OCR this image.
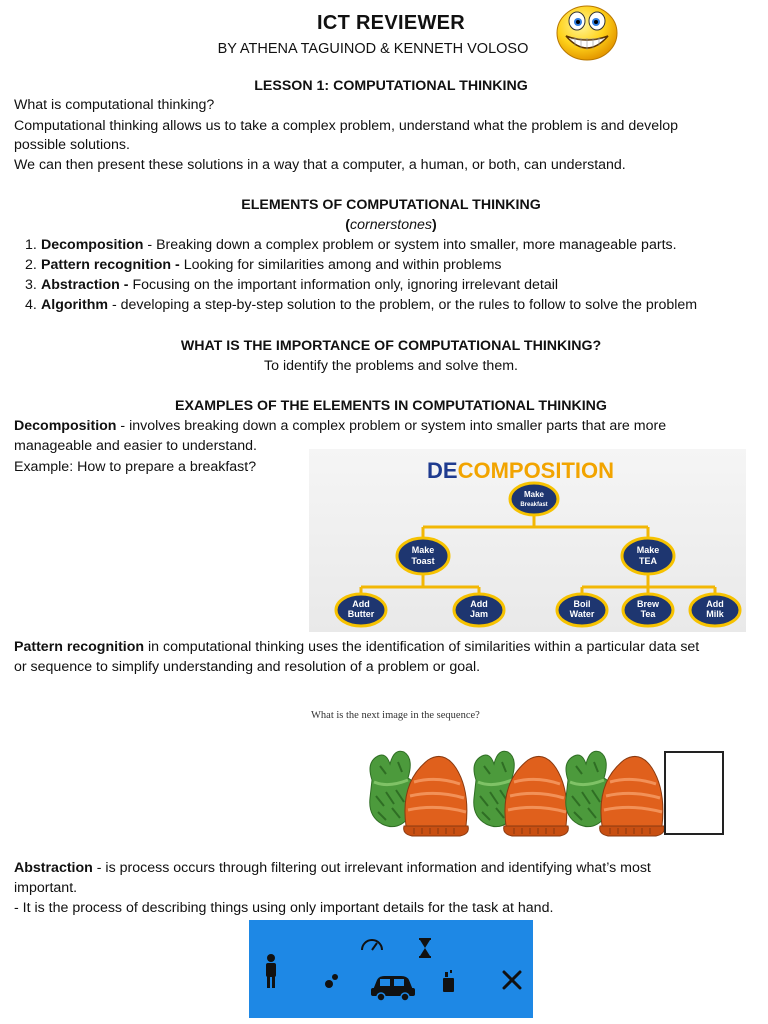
ICT REVIEWER
BY ATHENA TAGUINOD & KENNETH VOLOSO
LESSON 1: COMPUTATIONAL THINKING
What is computational thinking?
Computational thinking allows us to take a complex problem, understand what the problem is and develop
possible solutions.
We can then present these solutions in a way that a computer, a human, or both, can understand.
ELEMENTS OF COMPUTATIONAL THINKING
(cornerstones)
1. Decomposition - Breaking down a complex problem or system into smaller, more manageable parts.
2. Pattern recognition - Looking for similarities among and within problems
3. Abstraction - Focusing on the important information only, ignoring irrelevant detail
4. Algorithm - developing a step-by-step solution to the problem, or the rules to follow to solve the problem
WHAT IS THE IMPORTANCE OF COMPUTATIONAL THINKING?
To identify the problems and solve them.
EXAMPLES OF THE ELEMENTS IN COMPUTATIONAL THINKING
Decomposition - involves breaking down a complex problem or system into smaller parts that are more
manageable and easier to understand.
Example: How to prepare a breakfast?	DECOMPOSITION
Make
Breakfast
Make
Toast
Make
TEA
Add
Butter
Add
Jam
Boil
Water
Brew
Tea
Add
Milk
Pattern recognition in computational thinking uses the identification of similarities within a particular data set
or sequence to simplify understanding and resolution of a problem or goal.
What is the next image in the sequence?
Abstraction - is process occurs through filtering out irrelevant information and identifying what’s most
important.
- It is the process of describing things using only important details for the task at hand.
